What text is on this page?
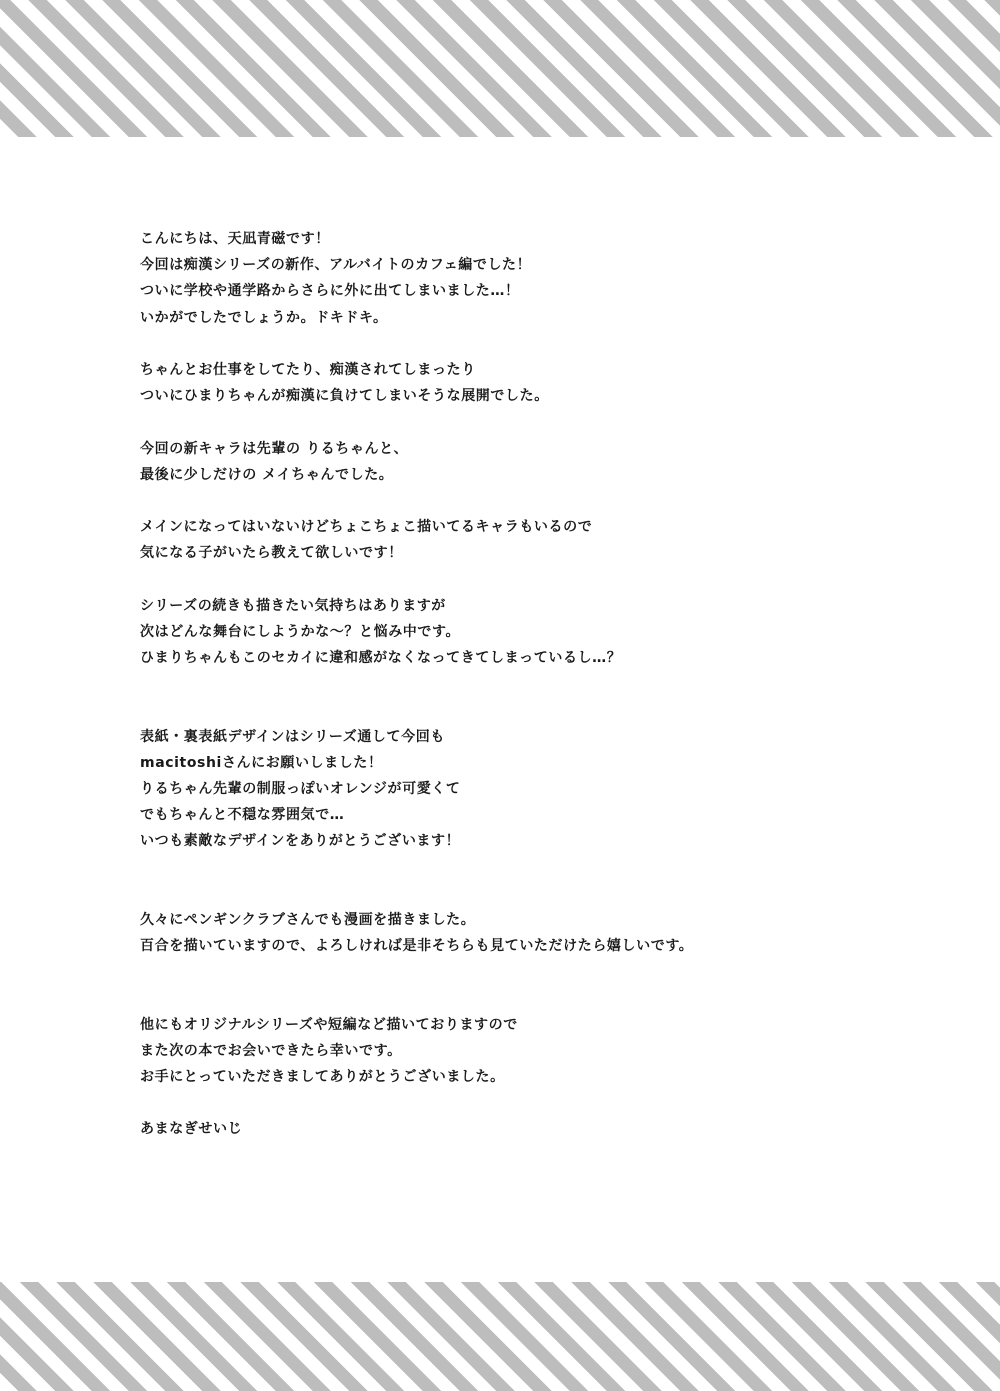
こんにちは、天凪青磁です！
今回は痴漢シリーズの新作、アルバイトのカフェ編でした！
ついに学校や通学路からさらに外に出てしまいました…！
いかがでしたでしょうか。ドキドキ。
ちゃんとお仕事をしてたり、痴漢されてしまったり
ついにひまりちゃんが痴漢に負けてしまいそうな展開でした。
今回の新キャラは先輩の りるちゃんと、
最後に少しだけの メイちゃんでした。
メインになってはいないけどちょこちょこ描いてるキャラもいるので
気になる子がいたら教えて欲しいです！
シリーズの続きも描きたい気持ちはありますが
次はどんな舞台にしようかな～？と悩み中です。
ひまりちゃんもこのセカイに違和感がなくなってきてしまっているし…？
表紙・裏表紙デザインはシリーズ通して今回も
macitoshiさんにお願いしました！
りるちゃん先輩の制服っぽいオレンジが可愛くて
でもちゃんと不穏な雰囲気で…
いつも素敵なデザインをありがとうございます！
久々にペンギンクラブさんでも漫画を描きました。
百合を描いていますので、よろしければ是非そちらも見ていただけたら嬉しいです。
他にもオリジナルシリーズや短編など描いておりますので
また次の本でお会いできたら幸いです。
お手にとっていただきましてありがとうございました。
あまなぎせいじ
